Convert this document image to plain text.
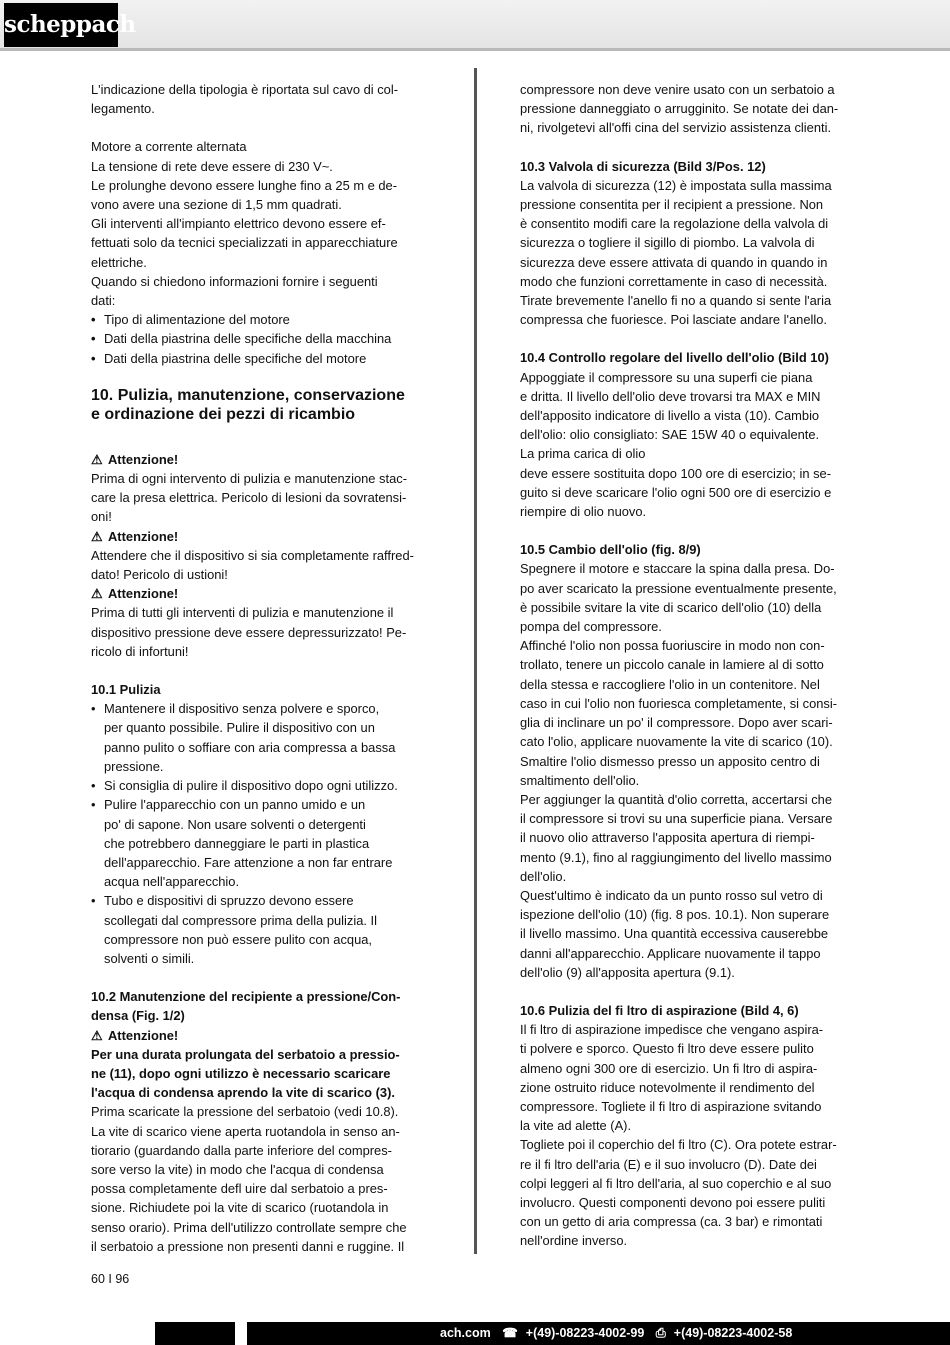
scheppach

L'indicazione della tipologia è riportata sul cavo di col-

legamento.

Motore a corrente alternata

La tensione di rete deve essere di 230 V~.

Le prolunghe devono essere lunghe fino a 25 m e de-

vono avere una sezione di 1,5 mm quadrati.

Gli interventi all'impianto elettrico devono essere ef-

fettuati solo da tecnici specializzati in apparecchiature

elettriche.

Quando si chiedono informazioni fornire i seguenti

dati:

• Tipo di alimentazione del motore
• Dati della piastrina delle specifiche della macchina
• Dati della piastrina delle specifiche del motore

10. Pulizia, manutenzione, conservazione

e ordinazione dei pezzi di ricambio

⚠ Attenzione!

Prima di ogni intervento di pulizia e manutenzione stac-

care la presa elettrica. Pericolo di lesioni da sovratensi-

oni!

⚠ Attenzione!

Attendere che il dispositivo si sia completamente raffred-

dato! Pericolo di ustioni!

⚠ Attenzione!

Prima di tutti gli interventi di pulizia e manutenzione il

dispositivo pressione deve essere depressurizzato! Pe-

ricolo di infortuni!

10.1 Pulizia

• Mantenere il dispositivo senza polvere e sporco,
per quanto possibile. Pulire il dispositivo con un
panno pulito o soffiare con aria compressa a bassa
pressione.
• Si consiglia di pulire il dispositivo dopo ogni utilizzo.
• Pulire l'apparecchio con un panno umido e un
po' di sapone. Non usare solventi o detergenti
che potrebbero danneggiare le parti in plastica
dell'apparecchio. Fare attenzione a non far entrare
acqua nell'apparecchio.
• Tubo e dispositivi di spruzzo devono essere
scollegati dal compressore prima della pulizia. Il
compressore non può essere pulito con acqua,
solventi o simili.

10.2 Manutenzione del recipiente a pressione/Con-

densa (Fig. 1/2)

⚠ Attenzione!

Per una durata prolungata del serbatoio a pressio-

ne (11), dopo ogni utilizzo è necessario scaricare

l'acqua di condensa aprendo la vite di scarico (3).

Prima scaricate la pressione del serbatoio (vedi 10.8).

La vite di scarico viene aperta ruotandola in senso an-

tiorario (guardando dalla parte inferiore del compres-

sore verso la vite) in modo che l'acqua di condensa

possa completamente defl uire dal serbatoio a pres-

sione. Richiudete poi la vite di scarico (ruotandola in

senso orario). Prima dell'utilizzo controllate sempre che

il serbatoio a pressione non presenti danni e ruggine. Il

compressore non deve venire usato con un serbatoio a

pressione danneggiato o arrugginito. Se notate dei dan-

ni, rivolgetevi all'offi cina del servizio assistenza clienti.

10.3 Valvola di sicurezza (Bild 3/Pos. 12)

La valvola di sicurezza (12) è impostata sulla massima

pressione consentita per il recipient a pressione. Non

è consentito modifi care la regolazione della valvola di

sicurezza o togliere il sigillo di piombo. La valvola di

sicurezza deve essere attivata di quando in quando in

modo che funzioni correttamente in caso di necessità.

Tirate brevemente l'anello fi no a quando si sente l'aria

compressa che fuoriesce. Poi lasciate andare l'anello.

10.4 Controllo regolare del livello dell'olio (Bild 10)

Appoggiate il compressore su una superfi cie piana

e dritta. Il livello dell'olio deve trovarsi tra MAX e MIN

dell'apposito indicatore di livello a vista (10). Cambio

dell'olio: olio consigliato: SAE 15W 40 o equivalente.

La prima carica di olio

deve essere sostituita dopo 100 ore di esercizio; in se-

guito si deve scaricare l'olio ogni 500 ore di esercizio e

riempire di olio nuovo.

10.5 Cambio dell'olio (fig. 8/9)

Spegnere il motore e staccare la spina dalla presa. Do-

po aver scaricato la pressione eventualmente presente,

è possibile svitare la vite di scarico dell'olio (10) della

pompa del compressore.

Affinché l'olio non possa fuoriuscire in modo non con-

trollato, tenere un piccolo canale in lamiere al di sotto

della stessa e raccogliere l'olio in un contenitore. Nel

caso in cui l'olio non fuoriesca completamente, si consi-

glia di inclinare un po' il compressore. Dopo aver scari-

cato l'olio, applicare nuovamente la vite di scarico (10).

Smaltire l'olio dismesso presso un apposito centro di

smaltimento dell'olio.

Per aggiunger la quantità d'olio corretta, accertarsi che

il compressore si trovi su una superficie piana. Versare

il nuovo olio attraverso l'apposita apertura di riempi-

mento (9.1), fino al raggiungimento del livello massimo

dell'olio.

Quest'ultimo è indicato da un punto rosso sul vetro di

ispezione dell'olio (10) (fig. 8 pos. 10.1). Non superare

il livello massimo. Una quantità eccessiva causerebbe

danni all'apparecchio. Applicare nuovamente il tappo

dell'olio (9) all'apposita apertura (9.1).

10.6 Pulizia del fi ltro di aspirazione (Bild 4, 6)

Il fi ltro di aspirazione impedisce che vengano aspira-

ti polvere e sporco. Questo fi ltro deve essere pulito

almeno ogni 300 ore di esercizio. Un fi ltro di aspira-

zione ostruito riduce notevolmente il rendimento del

compressore. Togliete il fi ltro di aspirazione svitando

la vite ad alette (A).

Togliete poi il coperchio del fi ltro (C). Ora potete estrar-

re il fi ltro dell'aria (E) e il suo involucro (D). Date dei

colpi leggeri al fi ltro dell'aria, al suo coperchio e al suo

involucro. Questi componenti devono poi essere puliti

con un getto di aria compressa (ca. 3 bar) e rimontati

nell'ordine inverso.

60 I 96
ach.com ☎ +(49)-08223-4002-99 ⎙ +(49)-08223-4002-58
